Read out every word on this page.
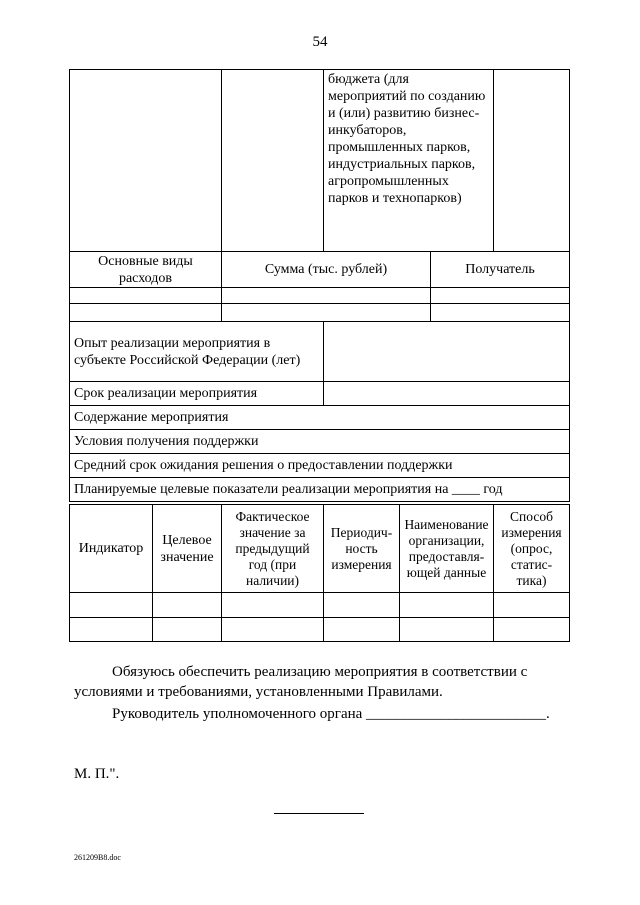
54
		бюджета (для мероприятий по созданию и (или) развитию бизнес-инкубаторов, промышленных парков, индустриальных парков, агропромышленных парков и технопарков)	
Основные виды расходов	Сумма (тыс. рублей)	Получатель

Опыт реализации мероприятия в субъекте Российской Федерации (лет)	
Срок реализации мероприятия	
Содержание мероприятия	
Условия получения поддержки	
Средний срок ожидания решения о предоставлении поддержки	
Планируемые целевые показатели реализации мероприятия на ____ год	
Индикатор	Целевое значение	Фактическое значение за предыдущий год (при наличии)	Периодич- ность измерения	Наименование организации, предоставля- ющей данные	Способ измерения (опрос, статис- тика)

Обязуюсь обеспечить реализацию мероприятия в соответствии с
условиями и требованиями, установленными Правилами.
Руководитель уполномоченного органа ________________________.
М. П.".
261209B8.doc
